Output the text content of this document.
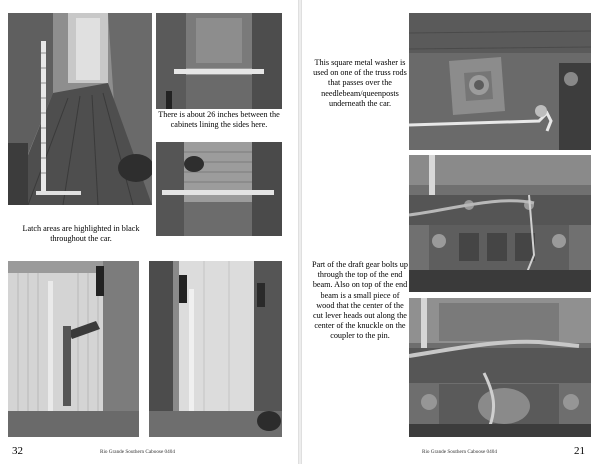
There is about 26 inches between the cabinets lining the sides here.
Latch areas are highlighted in black throughout the car.
32	Rio Grande Southern Caboose 0404
This square metal washer is used on one of the truss rods that passes over the needlebeam/queenposts underneath the car.
Part of the draft gear bolts up through the top of the end beam. Also on top of the end beam is a small piece of wood that the center of the cut lever heads out along the center of the knuckle on the coupler to the pin.
Rio Grande Southern Caboose 0404	21
